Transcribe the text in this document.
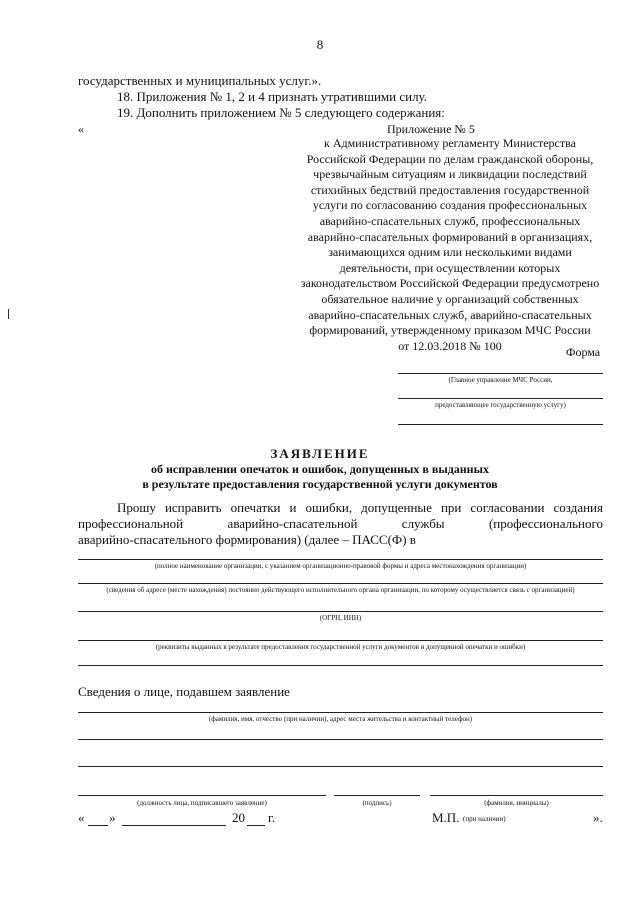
8
государственных и муниципальных услуг.».
18. Приложения № 1, 2 и 4 признать утратившими силу.
19. Дополнить приложением № 5 следующего содержания:
«	Приложение № 5
к Административному регламенту Министерства
Российской Федерации по делам гражданской обороны,
чрезвычайным ситуациям и ликвидации последствий
стихийных бедствий предоставления государственной
услуги по согласованию создания профессиональных
аварийно-спасательных служб, профессиональных
аварийно-спасательных формирований в организациях,
занимающихся одним или несколькими видами
деятельности, при осуществлении которых
законодательством Российской Федерации предусмотрено
обязательное наличие у организаций собственных
аварийно-спасательных служб, аварийно-спасательных
формирований, утвержденному приказом МЧС России
от 12.03.2018 № 100	Форма
(Главное управление МЧС России,
предоставляющее государственную услугу)
ЗАЯВЛЕНИЕ
об исправлении опечаток и ошибок, допущенных в выданных
в результате предоставления государственной услуги документов
Прошу исправить опечатки и ошибки, допущенные при согласовании создания
профессиональной	аварийно-спасательной	службы	(профессионального
аварийно-спасательного формирования) (далее – ПАСС(Ф) в
(полное наименование организации, с указанием организационно-правовой формы и адреса местонахождения организации)
(сведения об адресе (месте нахождения) постоянно действующего исполнительного органа организации, по которому осуществляется связь с организацией)
(ОГРН, ИНН)
(реквизиты выданных в результате предоставления государственной услуги документов и допущенной опечатки и ошибки)
Сведения о лице, подавшем заявление
(фамилия, имя, отчество (при наличии), адрес места жительства и контактный телефон)
(должность лица, подписавшего заявление)	(подпись)	(фамилия, инициалы)
« »	20 г.	М.П. (при наличии)	».
